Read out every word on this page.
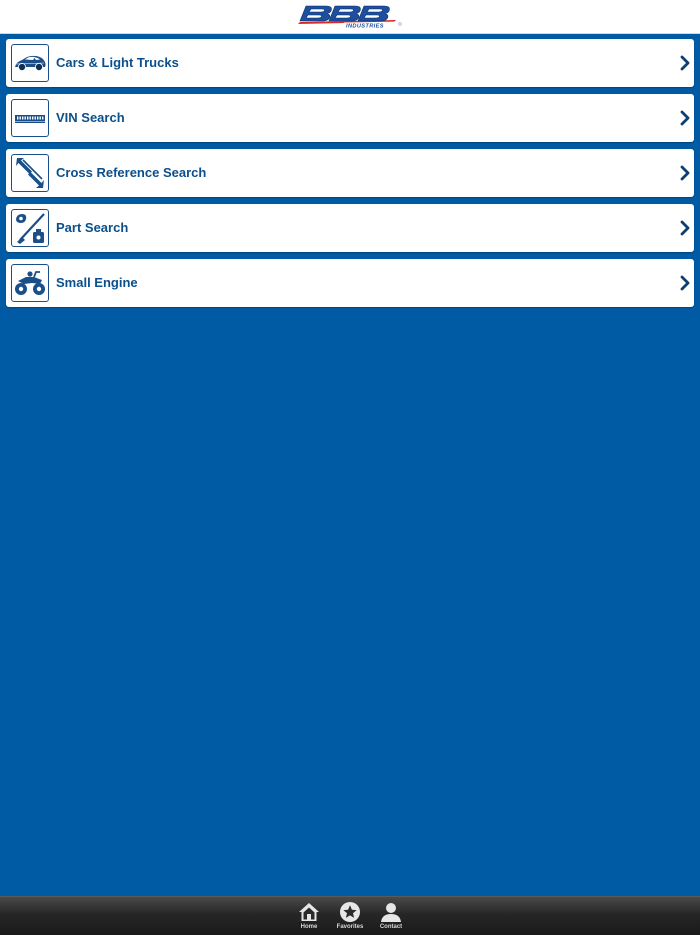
INDUSTRIES
Cars & Light Trucks
VIN Search
Cross Reference Search
Part Search
Small Engine
Home	Favorites	Contact
